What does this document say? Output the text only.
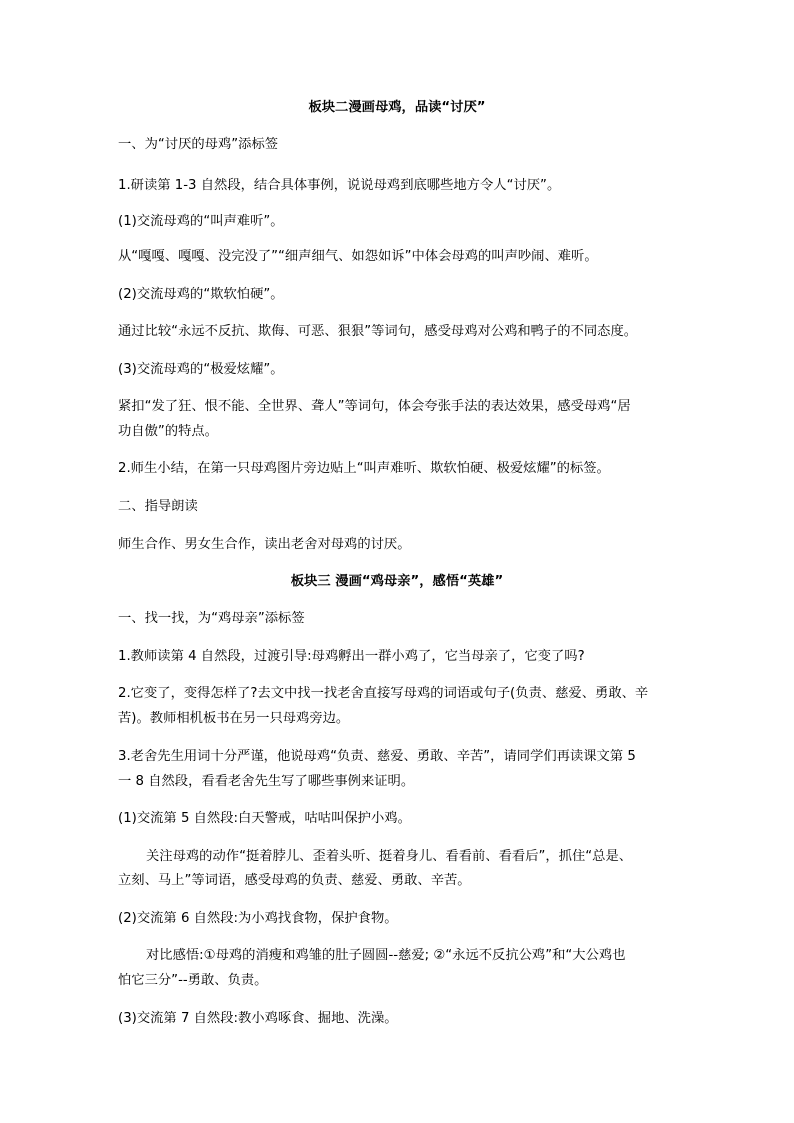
板块二漫画母鸡，品读“讨厌”
一、为“讨厌的母鸡”添标签
1.研读第 1-3 自然段，结合具体事例，说说母鸡到底哪些地方令人“讨厌”。
(1)交流母鸡的“叫声难听”。
从“嘎嘎、嘎嘎、没完没了”“细声细气、如怨如诉”中体会母鸡的叫声吵闹、难听。
(2)交流母鸡的“欺软怕硬”。
通过比较“永远不反抗、欺侮、可恶、狠狠”等词句，感受母鸡对公鸡和鸭子的不同态度。
(3)交流母鸡的“极爱炫耀”。
紧扣“发了狂、恨不能、全世界、聋人”等词句，体会夸张手法的表达效果，感受母鸡“居
功自傲”的特点。
2.师生小结，在第一只母鸡图片旁边贴上“叫声难听、欺软怕硬、极爱炫耀”的标签。
二、指导朗读
师生合作、男女生合作，读出老舍对母鸡的讨厌。
板块三 漫画“鸡母亲”，感悟“英雄”
一、找一找，为“鸡母亲”添标签
1.教师读第 4 自然段，过渡引导:母鸡孵出一群小鸡了，它当母亲了，它变了吗?
2.它变了，变得怎样了?去文中找一找老舍直接写母鸡的词语或句子(负责、慈爱、勇敢、辛
苦)。教师相机板书在另一只母鸡旁边。
3.老舍先生用词十分严谨，他说母鸡“负责、慈爱、勇敢、辛苦”，请同学们再读课文第 5
一 8 自然段，看看老舍先生写了哪些事例来证明。
(1)交流第 5 自然段:白天警戒，咕咕叫保护小鸡。
关注母鸡的动作“挺着脖儿、歪着头听、挺着身儿、看看前、看看后”，抓住“总是、
立刻、马上”等词语，感受母鸡的负责、慈爱、勇敢、辛苦。
(2)交流第 6 自然段:为小鸡找食物，保护食物。
对比感悟:①母鸡的消瘦和鸡雏的肚子圆圆--慈爱; ②“永远不反抗公鸡”和“大公鸡也
怕它三分”--勇敢、负责。
(3)交流第 7 自然段:教小鸡啄食、掘地、洗澡。
